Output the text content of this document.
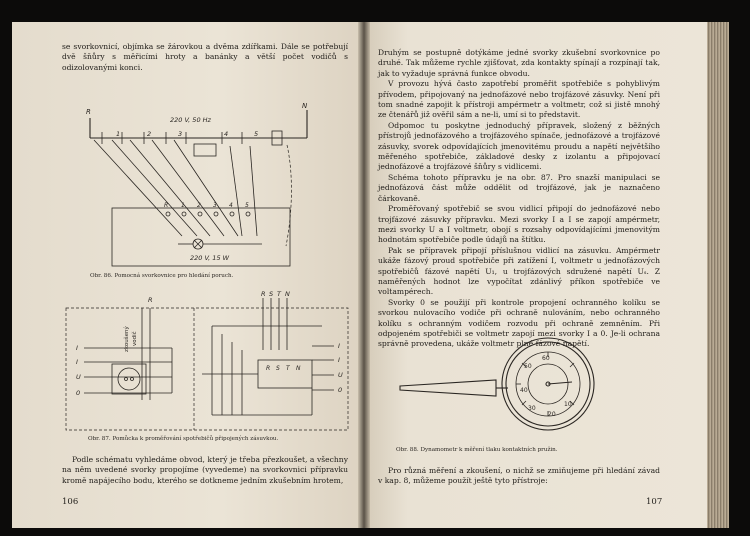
se svorkovnicí, objímka se žárovkou a dvěma zdířkami. Dále se potřebují dvě šňůry s měřicími hroty a banánky a větší počet vodičů s odizolovanými konci.

R
N
220 V, 50 Hz
1	2	3	4	5
R 1 2 3 4 5
220 V, 15 W
Obr. 86. Pomocná svorkovnice pro hledání poruch.
R S T N
R
zkoušený vodič
I
I
U
0
R S T N
I
I
U
0
Obr. 87. Pomůcka k proměřování spotřebičů připojených zásuvkou.

Podle schématu vyhledáme obvod, který je třeba přezkoušet, a všechny na něm uvedené svorky propojíme (vyvedeme) na svorkovnici přípravku kromě napájecího bodu, kterého se dotkneme jedním zkušebním hrotem,

106

Druhým se postupně dotýkáme jedné svorky zkušební svorkovnice po druhé. Tak můžeme rychle zjišťovat, zda kontakty spínají a rozpínají tak, jak to vyžaduje správná funkce obvodu.

V provozu hývá často zapotřebí proměřit spotřebiče s pohyblivým přívodem, připojovaný na jednofázové nebo trojfázové zásuvky. Není při tom snadné zapojit k přístroji ampérmetr a voltmetr, což si jistě mnohý ze čtenářů již ověřil sám a ne-li, umí si to představit.

Odpomoc tu poskytne jednoduchý přípravek, složený z běžných přístrojů jednofázového a trojfázového spínače, jednofázové a trojfázové zásuvky, svorek odpovídajících jmenovitému proudu a napětí největšího měřeného spotřebiče, základové desky z izolantu a připojovací jednofázové a trojfázové šňůry s vidlicemi.

Schéma tohoto přípravku je na obr. 87. Pro snazší manipulaci se jednofázová část může oddělit od trojfázové, jak je naznačeno čárkovaně.

Proměřovaný spotřebič se svou vidlicí připojí do jednofázové nebo trojfázové zásuvky přípravku. Mezi svorky I a I se zapojí ampérmetr, mezi svorky U a I voltmetr, obojí s rozsahy odpovídajícími jmenovitým hodnotám spotřebiče podle údajů na štítku.

Pak se přípravek připojí příslušnou vidlicí na zásuvku. Ampérmetr ukáže fázový proud spotřebiče při zatížení I, voltmetr u jednofázových spotřebičů fázové napětí U₁, u trojfázových sdružené napětí Uₛ. Z naměřených hodnot lze vypočítat zdánlivý příkon spotřebiče ve voltampérech.

Svorky 0 se použijí při kontrole propojení ochranného kolíku se svorkou nulovacího vodiče při ochraně nulováním, nebo ochranného kolíku s ochranným vodičem rozvodu při ochraně zemněním. Při odpojeném spotřebiči se voltmetr zapojí mezi svorky I a 0. Je-li ochrana správně provedena, ukáže voltmetr plné fázové napětí.

60
50
40
30
20
10
Obr. 88. Dynamometr k měření tlaku kontaktních pružin.

Pro různá měření a zkoušení, o nichž se zmiňujeme při hledání závad v kap. 8, můžeme použít ještě tyto přístroje:

107
